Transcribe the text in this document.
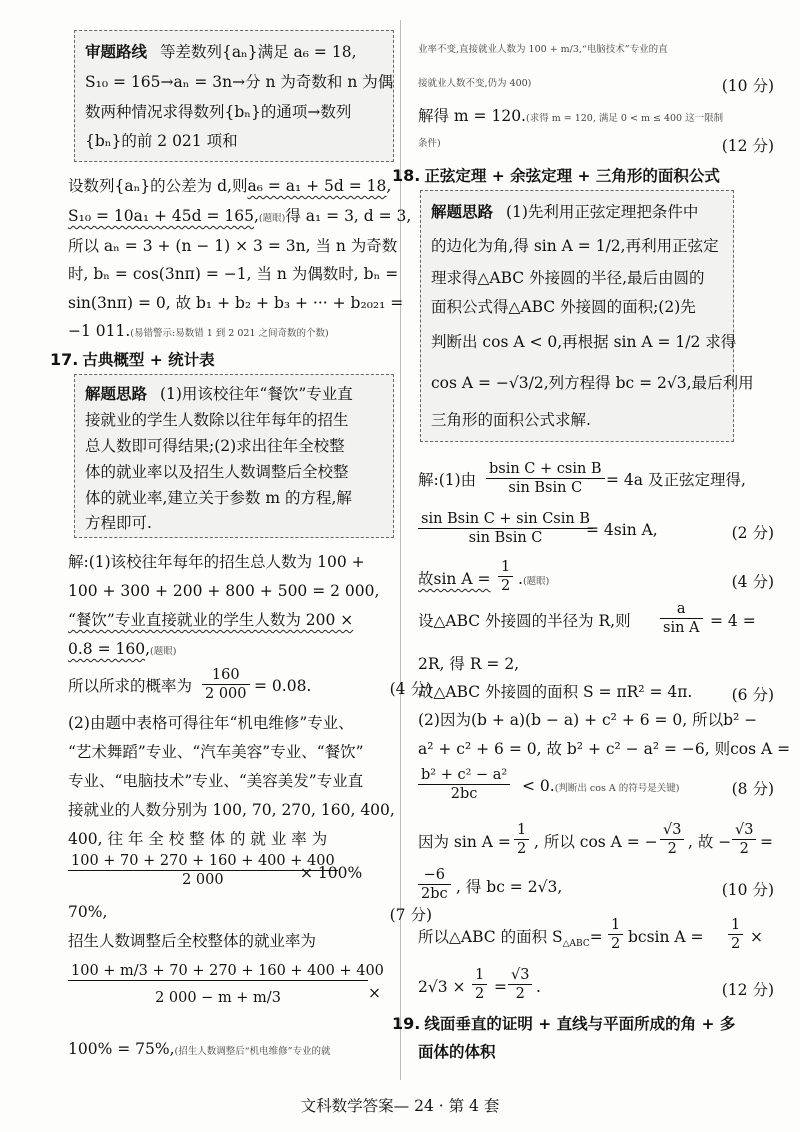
审题路线 等差数列{aₙ}满足 a₆ = 18,
S₁₀ = 165→aₙ = 3n→分 n 为奇数和 n 为偶
数两种情况求得数列{bₙ}的通项→数列
{bₙ}的前 2 021 项和
设数列{aₙ}的公差为 d,则a₆ = a₁ + 5d = 18,
S₁₀ = 10a₁ + 45d = 165,(题眼)得 a₁ = 3, d = 3,
所以 aₙ = 3 + (n − 1) × 3 = 3n, 当 n 为奇数
时, bₙ = cos(3nπ) = −1, 当 n 为偶数时, bₙ =
sin(3nπ) = 0, 故 b₁ + b₂ + b₃ + ··· + b₂₀₂₁ =
−1 011.(易错警示:易数错 1 到 2 021 之间奇数的个数)
17. 古典概型 + 统计表
解题思路 (1)用该校往年“餐饮”专业直
接就业的学生人数除以往年每年的招生
总人数即可得结果;(2)求出往年全校整
体的就业率以及招生人数调整后全校整
体的就业率,建立关于参数 m 的方程,解
方程即可.
解:(1)该校往年每年的招生总人数为 100 +
100 + 300 + 200 + 800 + 500 = 2 000,
“餐饮”专业直接就业的学生人数为 200 ×
0.8 = 160,(题眼)
所以所求的概率为 $\frac{160}{2 000} = 0.08$.	(4 分)
(2)由题中表格可得往年“机电维修”专业、
“艺术舞蹈”专业、“汽车美容”专业、“餐饮”
专业、“电脑技术”专业、“美容美发”专业直
接就业的人数分别为 100, 70, 270, 160, 400,
400, 往 年 全 校 整 体 的 就 业 率 为
$\frac{100 + 70 + 270 + 160 + 400 + 400}{2 000}$
× 100%
70%,	(7 分)
招生人数调整后全校整体的就业率为
$\frac{100 + m/3 + 70 + 270 + 160 + 400 + 400}{2 000 - m + m/3}$ ×
100% = 75%,(招生人数调整后“机电维修”专业的就
业率不变,直接就业人数为 100 + m/3,“电脑技术”专业的直
接就业人数不变,仍为 400)	(10 分)
解得 m = 120.(求得 m = 120, 满足 0 < m ≤ 400 这一限制
条件)	(12 分)
18. 正弦定理 + 余弦定理 + 三角形的面积公式
解题思路 (1)先利用正弦定理把条件中
的边化为角,得 sin A = 1/2,再利用正弦定
理求得△ABC 外接圆的半径,最后由圆的
面积公式得△ABC 外接圆的面积;(2)先
判断出 cos A < 0,再根据 sin A = 1/2 求得
cos A = −√3/2,列方程得 bc = 2√3,最后利用
三角形的面积公式求解.
解:(1)由 $\frac{\text{bsin C + csin B}}{\text{sin Bsin C}} = 4a$ 及正弦定理得,
$\frac{\text{sin Bsin C + sin Csin B}}{\text{sin Bsin C}}$
= 4sin A,	(2 分)
故$\sin A = \frac{1}{2}$ .(题眼)	(4 分)
设△ABC 外接圆的半径为 R,则 $\frac{a}{\text{sin A}} = 4$ =
2R, 得 R = 2,
故△ABC 外接圆的面积 S = πR² = 4π.	(6 分)
(2)因为(b + a)(b − a) + c² + 6 = 0, 所以b² −
a² + c² + 6 = 0, 故 b² + c² − a² = −6, 则cos A =
$\frac{\text{b² + c² − a²}}{2bc} < 0$.(判断出 cos A 的符号是关键)	(8 分)
因为 $\sin A = \frac{1}{2}$ , 所以 cos A = − $\frac{√3}{2}$ , 故 − $\frac{√3}{2}$ =
$\frac{-6}{2bc}$ , 得 bc = 2√3,	(10 分)
所以△ABC 的面积 $S_{\triangle ABC}= \frac{1}{2}$ bcsin $A = \frac{1}{2}$ ×
$2√3 \times \frac{1}{2} = \frac{√3}{2}$ .	(12 分)
19. 线面垂直的证明 + 直线与平面所成的角 + 多
面体的体积
文科数学答案— 24 · 第 4 套
